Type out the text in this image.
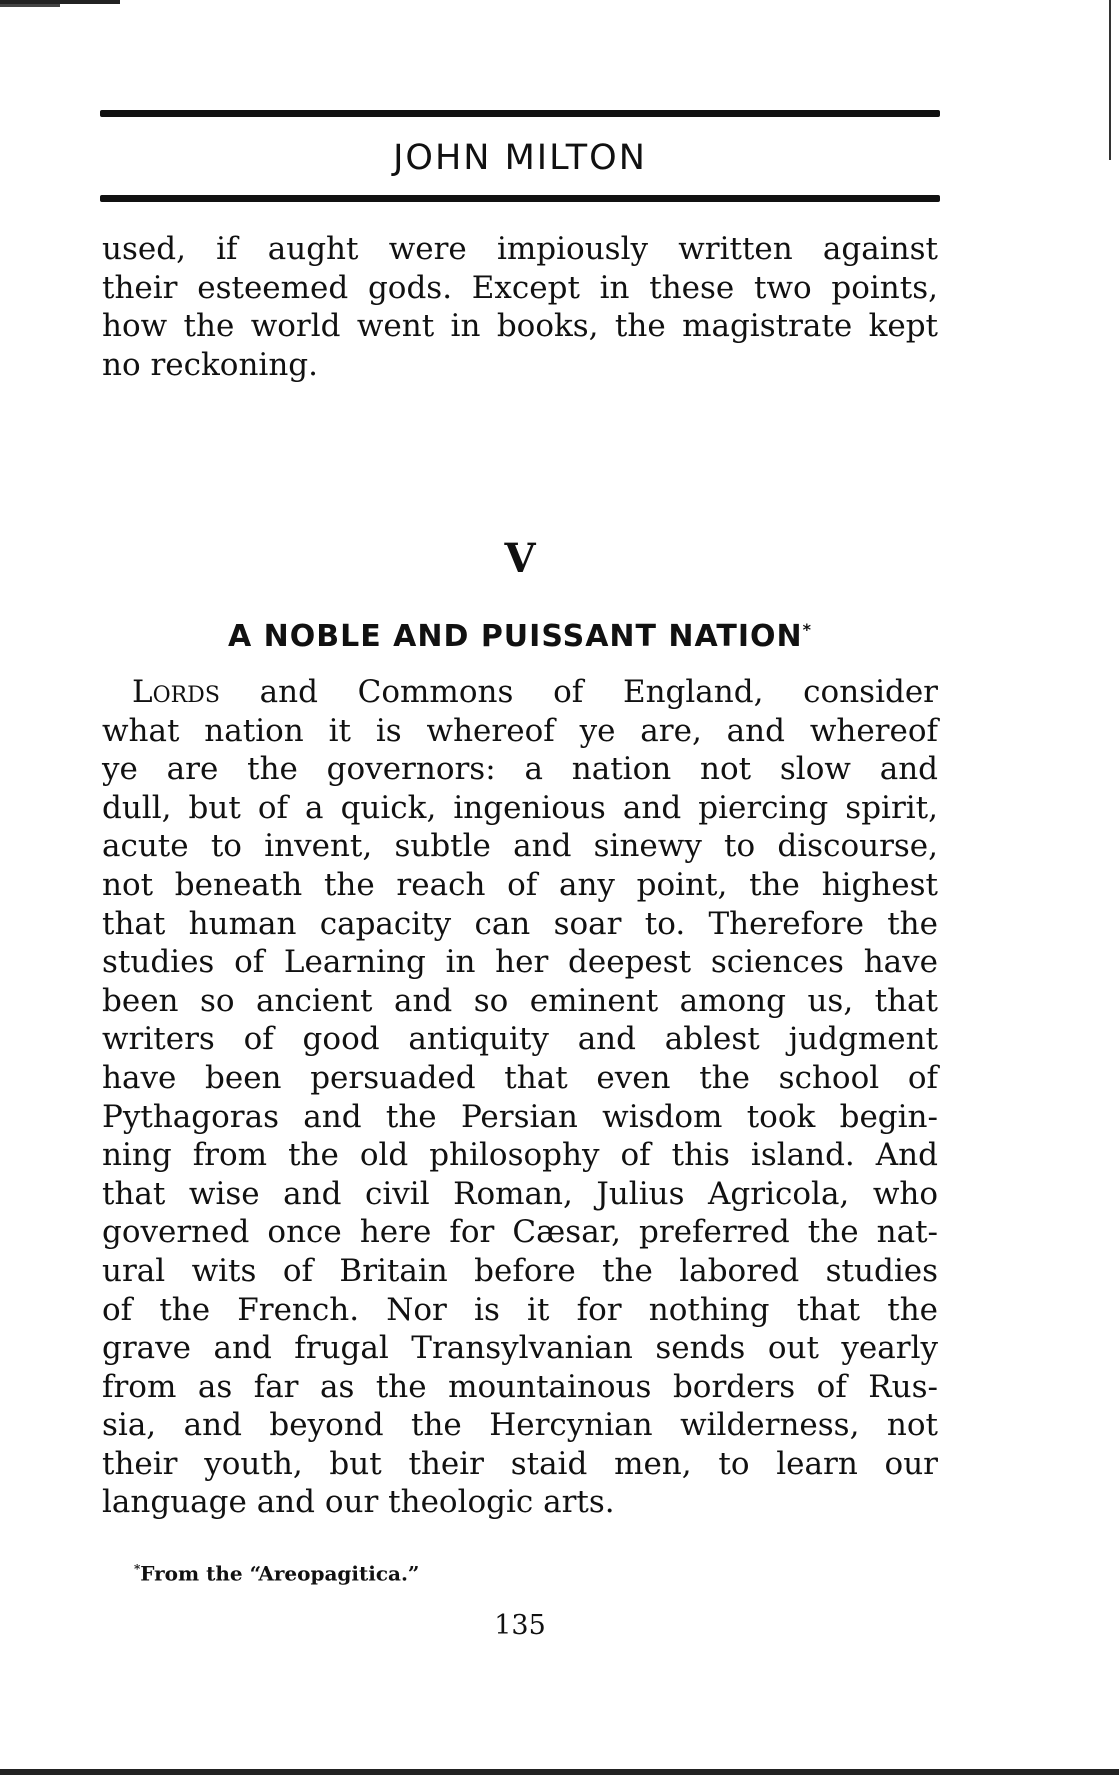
JOHN MILTON
used, if aught were impiously written against
their esteemed gods. Except in these two points,
how the world went in books, the magistrate kept
no reckoning.
V
A NOBLE AND PUISSANT NATION*
Lords and Commons of England, consider
what nation it is whereof ye are, and whereof
ye are the governors: a nation not slow and
dull, but of a quick, ingenious and piercing spirit,
acute to invent, subtle and sinewy to discourse,
not beneath the reach of any point, the highest
that human capacity can soar to. Therefore the
studies of Learning in her deepest sciences have
been so ancient and so eminent among us, that
writers of good antiquity and ablest judgment
have been persuaded that even the school of
Pythagoras and the Persian wisdom took begin-
ning from the old philosophy of this island. And
that wise and civil Roman, Julius Agricola, who
governed once here for Cæsar, preferred the nat-
ural wits of Britain before the labored studies
of the French. Nor is it for nothing that the
grave and frugal Transylvanian sends out yearly
from as far as the mountainous borders of Rus-
sia, and beyond the Hercynian wilderness, not
their youth, but their staid men, to learn our
language and our theologic arts.
*From the “Areopagitica.”
135
